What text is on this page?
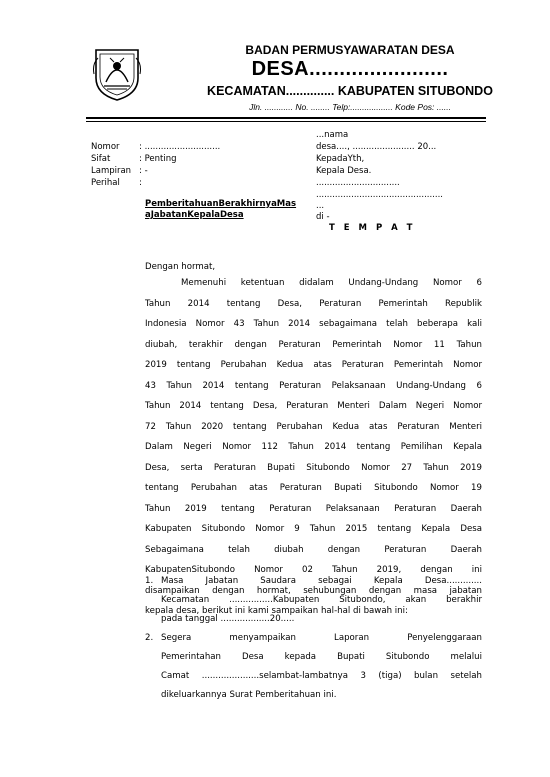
BADAN PERMUSYAWARATAN DESA
DESA.......................
KECAMATAN.............. KABUPATEN SITUBONDO
Jln. ............ No. ........ Telp:.................. Kode Pos: ......
Nomor : ............................
Sifat	: Penting
Lampiran : -
Perihal :
PemberitahuanBerakhirnyaMas
aJabatanKepalaDesa
...nama
desa...., ....................... 20...
KepadaYth,
Kepala Desa.
...............................
...............................................
...
di -
T E M P A T
Dengan hormat,
Memenuhi ketentuan didalam Undang-Undang Nomor 6
Tahun 2014 tentang Desa, Peraturan Pemerintah Republik
Indonesia Nomor 43 Tahun 2014 sebagaimana telah beberapa kali
diubah, terakhir dengan Peraturan Pemerintah Nomor 11 Tahun
2019 tentang Perubahan Kedua atas Peraturan Pemerintah Nomor
43 Tahun 2014 tentang Peraturan Pelaksanaan Undang-Undang 6
Tahun 2014 tentang Desa, Peraturan Menteri Dalam Negeri Nomor
72 Tahun 2020 tentang Perubahan Kedua atas Peraturan Menteri
Dalam Negeri Nomor 112 Tahun 2014 tentang Pemilihan Kepala
Desa, serta Peraturan Bupati Situbondo Nomor 27 Tahun 2019
tentang Perubahan atas Peraturan Bupati Situbondo Nomor 19
Tahun 2019 tentang Peraturan Pelaksanaan Peraturan Daerah
Kabupaten Situbondo Nomor 9 Tahun 2015 tentang Kepala Desa
Sebagaimana telah diubah dengan Peraturan Daerah
KabupatenSitubondo Nomor 02 Tahun 2019, dengan ini
disampaikan dengan hormat, sehubungan dengan masa jabatan
kepala desa, berikut ini kami sampaikan hal-hal di bawah ini:
1. Masa Jabatan Saudara sebagai Kepala Desa.............
Kecamatan ................Kabupaten Situbondo, akan berakhir
pada tanggal ..................20.....
2. Segera menyampaikan Laporan Penyelenggaraan
Pemerintahan Desa kepada Bupati Situbondo melalui
Camat .....................selambat-lambatnya 3 (tiga) bulan setelah
dikeluarkannya Surat Pemberitahuan ini.
